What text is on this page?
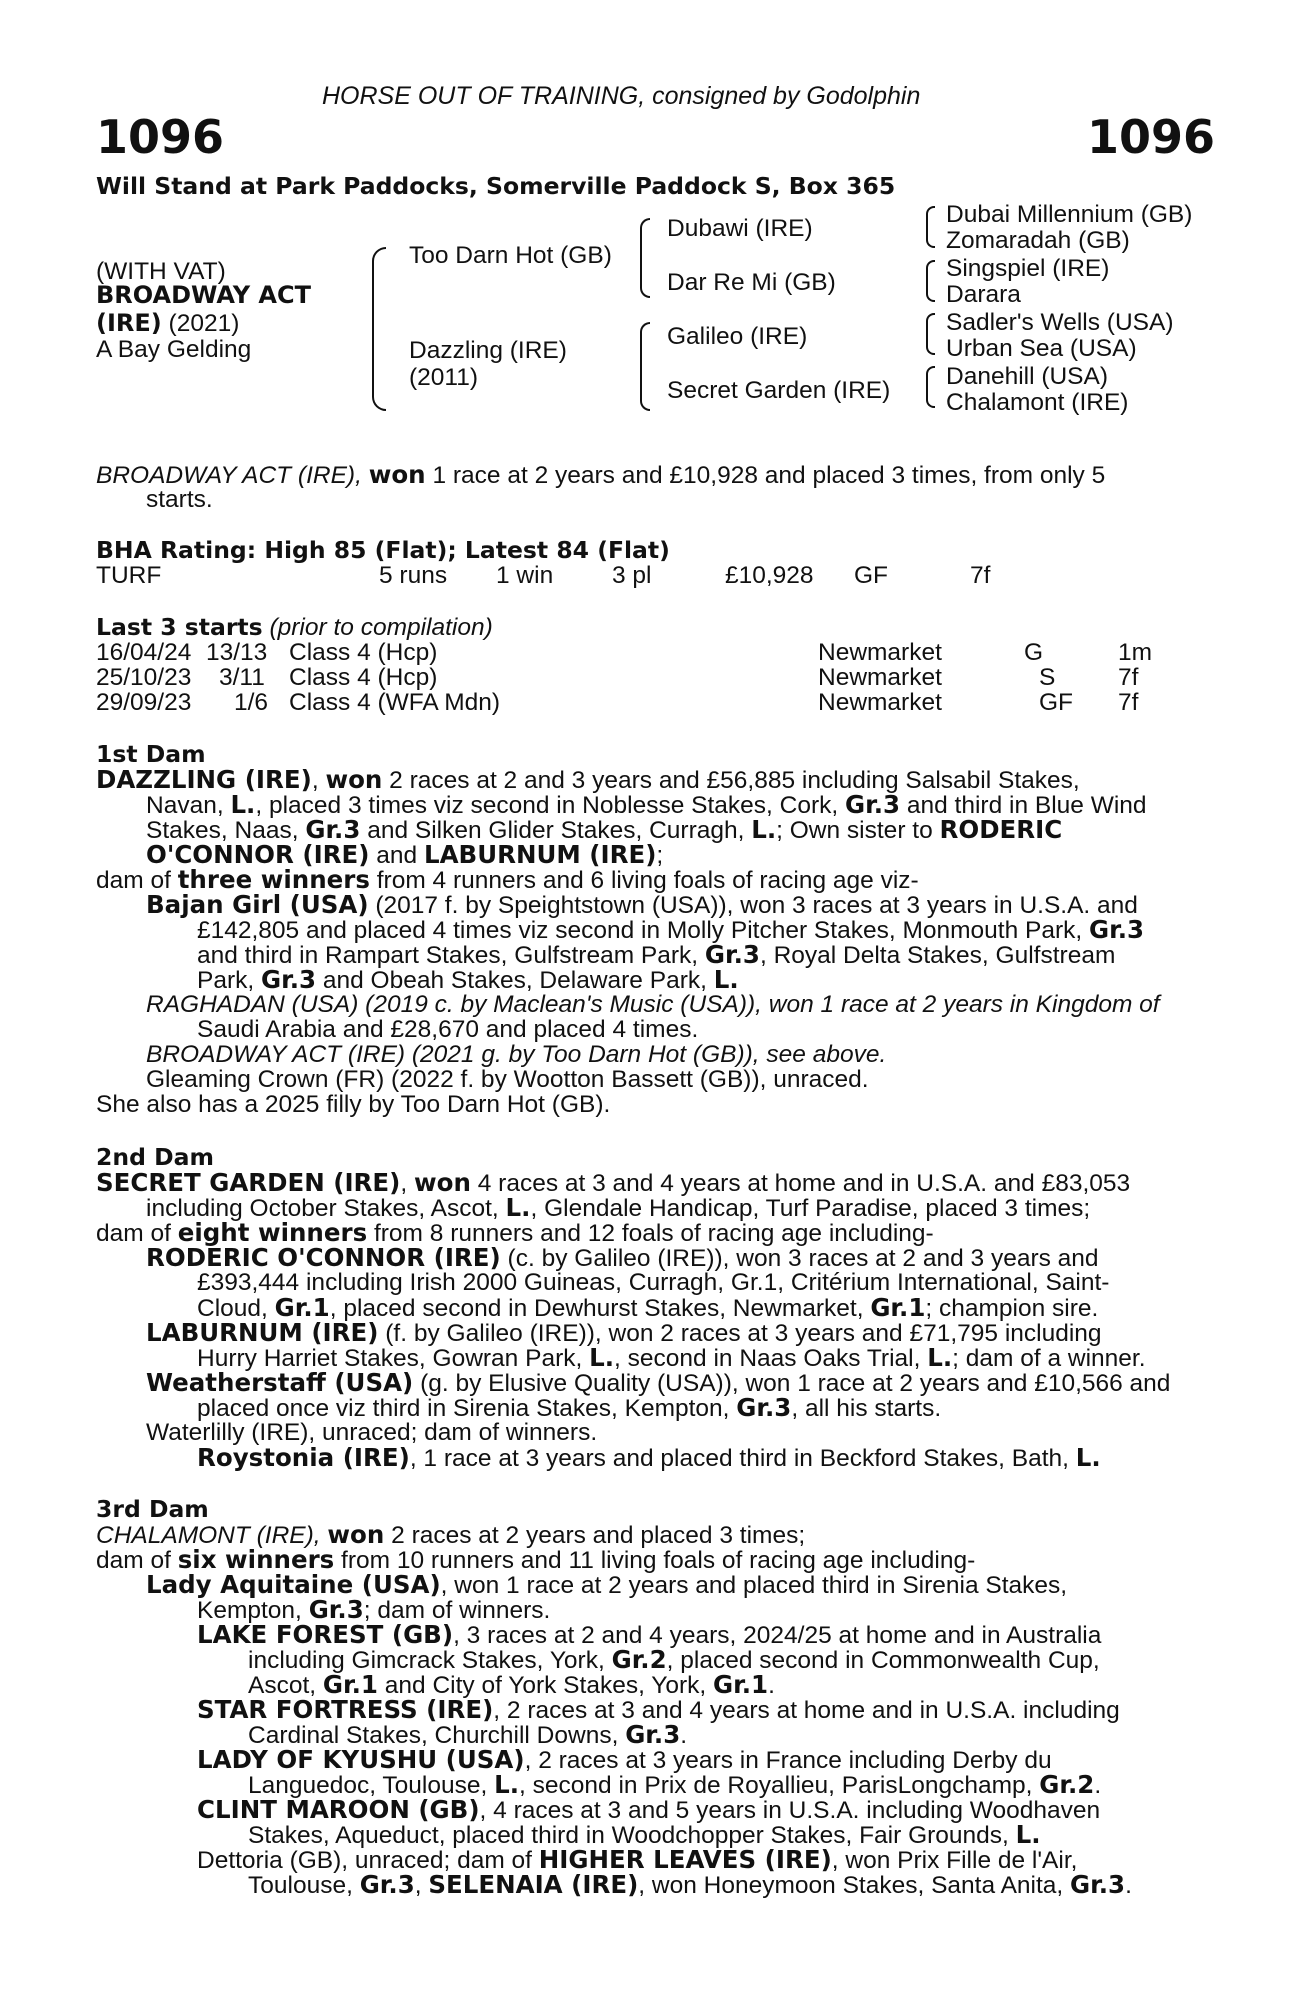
HORSE OUT OF TRAINING, consigned by Godolphin
1096	1096
Will Stand at Park Paddocks, Somerville Paddock S, Box 365
(WITH VAT)
BROADWAY ACT
(IRE) (2021)
A Bay Gelding
Too Darn Hot (GB)
Dazzling (IRE)
(2011)
Dubawi (IRE)
Dar Re Mi (GB)
Galileo (IRE)
Secret Garden (IRE)
Dubai Millennium (GB)
Zomaradah (GB)
Singspiel (IRE)
Darara
Sadler's Wells (USA)
Urban Sea (USA)
Danehill (USA)
Chalamont (IRE)
BROADWAY ACT (IRE), won 1 race at 2 years and £10,928 and placed 3 times, from only 5
starts.
BHA Rating: High 85 (Flat); Latest 84 (Flat)
TURF	5 runs 1 win 3 pl	£10,928 GF	7f
Last 3 starts (prior to compilation)
16/04/24 13/13 Class 4 (Hcp)	Newmarket	G	1m
25/10/23 3/11 Class 4 (Hcp)	Newmarket	S	7f
29/09/23 1/6 Class 4 (WFA Mdn)	Newmarket	GF 7f
1st Dam
DAZZLING (IRE), won 2 races at 2 and 3 years and £56,885 including Salsabil Stakes,
Navan, L., placed 3 times viz second in Noblesse Stakes, Cork, Gr.3 and third in Blue Wind
Stakes, Naas, Gr.3 and Silken Glider Stakes, Curragh, L.; Own sister to RODERIC
O'CONNOR (IRE) and LABURNUM (IRE);
dam of three winners from 4 runners and 6 living foals of racing age viz-
Bajan Girl (USA) (2017 f. by Speightstown (USA)), won 3 races at 3 years in U.S.A. and
£142,805 and placed 4 times viz second in Molly Pitcher Stakes, Monmouth Park, Gr.3
and third in Rampart Stakes, Gulfstream Park, Gr.3, Royal Delta Stakes, Gulfstream
Park, Gr.3 and Obeah Stakes, Delaware Park, L.
RAGHADAN (USA) (2019 c. by Maclean's Music (USA)), won 1 race at 2 years in Kingdom of
Saudi Arabia and £28,670 and placed 4 times.
BROADWAY ACT (IRE) (2021 g. by Too Darn Hot (GB)), see above.
Gleaming Crown (FR) (2022 f. by Wootton Bassett (GB)), unraced.
She also has a 2025 filly by Too Darn Hot (GB).
2nd Dam
SECRET GARDEN (IRE), won 4 races at 3 and 4 years at home and in U.S.A. and £83,053
including October Stakes, Ascot, L., Glendale Handicap, Turf Paradise, placed 3 times;
dam of eight winners from 8 runners and 12 foals of racing age including-
RODERIC O'CONNOR (IRE) (c. by Galileo (IRE)), won 3 races at 2 and 3 years and
£393,444 including Irish 2000 Guineas, Curragh, Gr.1, Critérium International, Saint-
Cloud, Gr.1, placed second in Dewhurst Stakes, Newmarket, Gr.1; champion sire.
LABURNUM (IRE) (f. by Galileo (IRE)), won 2 races at 3 years and £71,795 including
Hurry Harriet Stakes, Gowran Park, L., second in Naas Oaks Trial, L.; dam of a winner.
Weatherstaff (USA) (g. by Elusive Quality (USA)), won 1 race at 2 years and £10,566 and
placed once viz third in Sirenia Stakes, Kempton, Gr.3, all his starts.
Waterlilly (IRE), unraced; dam of winners.
Roystonia (IRE), 1 race at 3 years and placed third in Beckford Stakes, Bath, L.
3rd Dam
CHALAMONT (IRE), won 2 races at 2 years and placed 3 times;
dam of six winners from 10 runners and 11 living foals of racing age including-
Lady Aquitaine (USA), won 1 race at 2 years and placed third in Sirenia Stakes,
Kempton, Gr.3; dam of winners.
LAKE FOREST (GB), 3 races at 2 and 4 years, 2024/25 at home and in Australia
including Gimcrack Stakes, York, Gr.2, placed second in Commonwealth Cup,
Ascot, Gr.1 and City of York Stakes, York, Gr.1.
STAR FORTRESS (IRE), 2 races at 3 and 4 years at home and in U.S.A. including
Cardinal Stakes, Churchill Downs, Gr.3.
LADY OF KYUSHU (USA), 2 races at 3 years in France including Derby du
Languedoc, Toulouse, L., second in Prix de Royallieu, ParisLongchamp, Gr.2.
CLINT MAROON (GB), 4 races at 3 and 5 years in U.S.A. including Woodhaven
Stakes, Aqueduct, placed third in Woodchopper Stakes, Fair Grounds, L.
Dettoria (GB), unraced; dam of HIGHER LEAVES (IRE), won Prix Fille de l'Air,
Toulouse, Gr.3, SELENAIA (IRE), won Honeymoon Stakes, Santa Anita, Gr.3.
